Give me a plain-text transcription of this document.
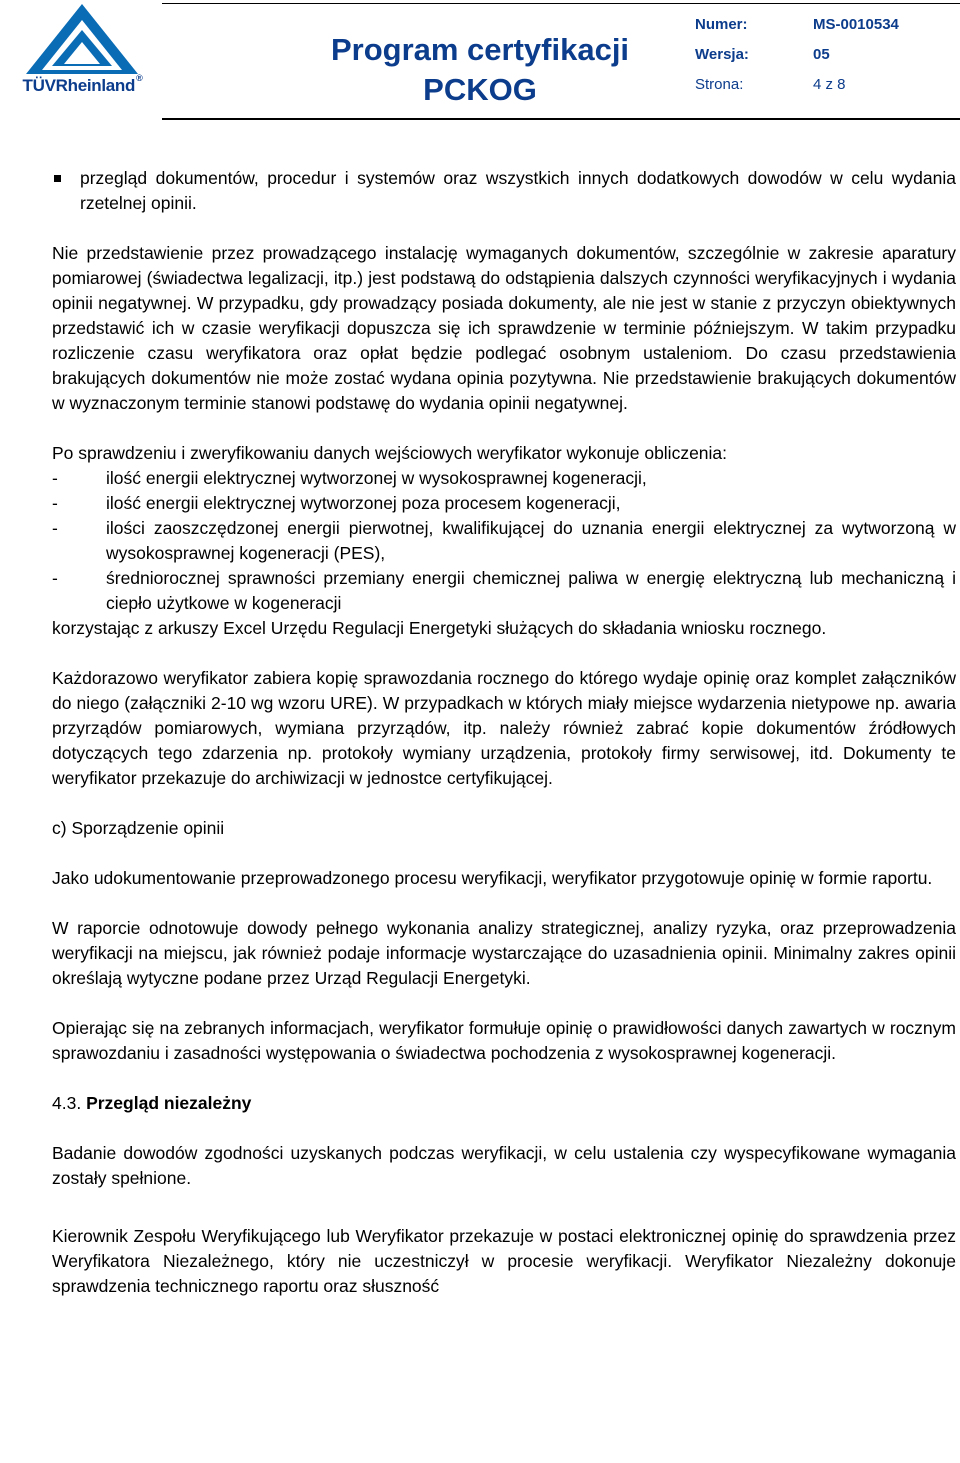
TÜVRheinland®
Program certyfikacji
PCKOG
Numer:	MS-0010534
Wersja:	05
Strona:	4 z 8

przegląd dokumentów, procedur i systemów oraz wszystkich innych dodatkowych dowodów w celu wydania rzetelnej opinii.

Nie przedstawienie przez prowadzącego instalację wymaganych dokumentów, szczególnie w zakresie aparatury pomiarowej (świadectwa legalizacji, itp.) jest podstawą do odstąpienia dalszych czynności weryfikacyjnych i wydania opinii negatywnej. W przypadku, gdy prowadzący posiada dokumenty, ale nie jest w stanie z przyczyn obiektywnych przedstawić ich w czasie weryfikacji dopuszcza się ich sprawdzenie w terminie późniejszym. W takim przypadku rozliczenie czasu weryfikatora oraz opłat będzie podlegać osobnym ustaleniom. Do czasu przedstawienia brakujących dokumentów nie może zostać wydana opinia pozytywna. Nie przedstawienie brakujących dokumentów w wyznaczonym terminie stanowi podstawę do wydania opinii negatywnej.

Po sprawdzeniu i zweryfikowaniu danych wejściowych weryfikator wykonuje obliczenia:

-	ilość energii elektrycznej wytworzonej w wysokosprawnej kogeneracji,

-	ilość energii elektrycznej wytworzonej poza procesem kogeneracji,

-	ilości zaoszczędzonej energii pierwotnej, kwalifikującej do uznania energii elektrycznej za wytworzoną w wysokosprawnej kogeneracji (PES),

-	średniorocznej sprawności przemiany energii chemicznej paliwa w energię elektryczną lub mechaniczną i ciepło użytkowe w kogeneracji

korzystając z arkuszy Excel Urzędu Regulacji Energetyki służących do składania wniosku rocznego.

Każdorazowo weryfikator zabiera kopię sprawozdania rocznego do którego wydaje opinię oraz komplet załączników do niego (załączniki 2-10 wg wzoru URE). W przypadkach w których miały miejsce wydarzenia nietypowe np. awaria przyrządów pomiarowych, wymiana przyrządów, itp. należy również zabrać kopie dokumentów źródłowych dotyczących tego zdarzenia np. protokoły wymiany urządzenia, protokoły firmy serwisowej, itd. Dokumenty te weryfikator przekazuje do archiwizacji w jednostce certyfikującej.

c) Sporządzenie opinii

Jako udokumentowanie przeprowadzonego procesu weryfikacji, weryfikator przygotowuje opinię w formie raportu.

W raporcie odnotowuje dowody pełnego wykonania analizy strategicznej, analizy ryzyka, oraz przeprowadzenia weryfikacji na miejscu, jak również podaje informacje wystarczające do uzasadnienia opinii. Minimalny zakres opinii określają wytyczne podane przez Urząd Regulacji Energetyki.

Opierając się na zebranych informacjach, weryfikator formułuje opinię o prawidłowości danych zawartych w rocznym sprawozdaniu i zasadności występowania o świadectwa pochodzenia z wysokosprawnej kogeneracji.

4.3. Przegląd niezależny

Badanie dowodów zgodności uzyskanych podczas weryfikacji, w celu ustalenia czy wyspecyfikowane wymagania zostały spełnione.

Kierownik Zespołu Weryfikującego lub Weryfikator przekazuje w postaci elektronicznej opinię do sprawdzenia przez Weryfikatora Niezależnego, który nie uczestniczył w procesie weryfikacji. Weryfikator Niezależny dokonuje sprawdzenia technicznego raportu oraz słuszność
